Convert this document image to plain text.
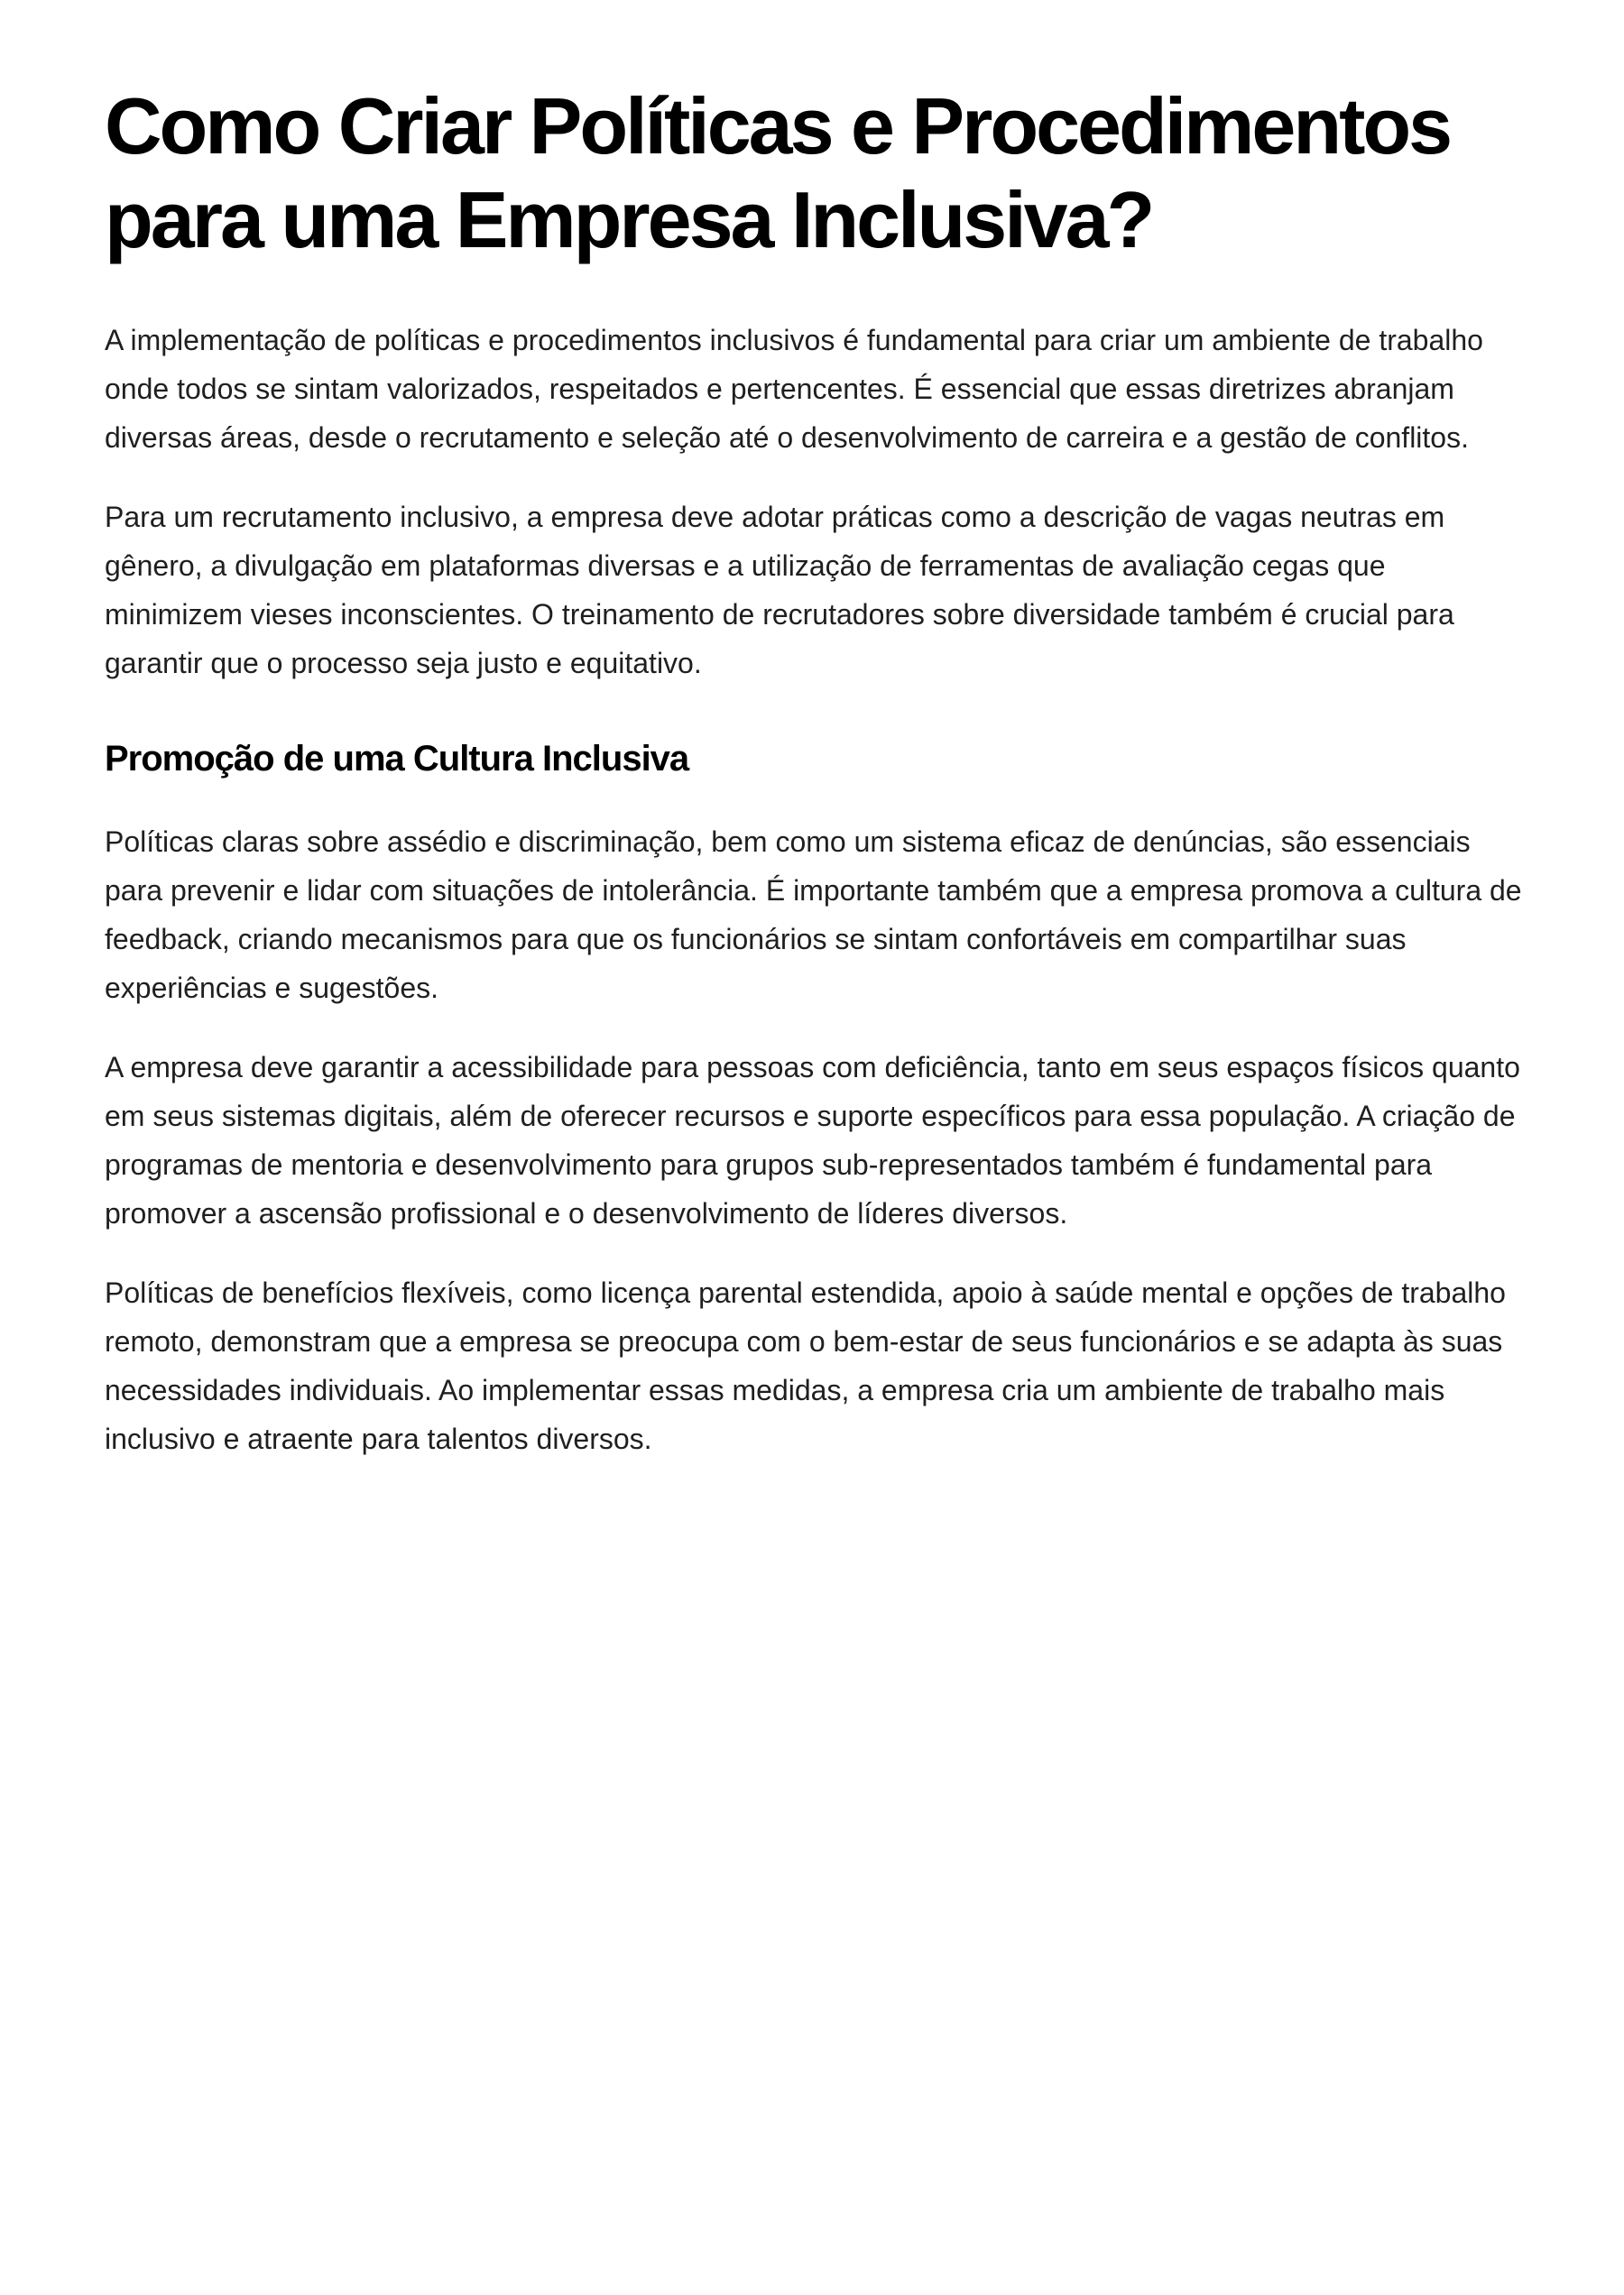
Como Criar Políticas e Procedimentos para uma Empresa Inclusiva?

A implementação de políticas e procedimentos inclusivos é fundamental para criar um ambiente de trabalho onde todos se sintam valorizados, respeitados e pertencentes. É essencial que essas diretrizes abranjam diversas áreas, desde o recrutamento e seleção até o desenvolvimento de carreira e a gestão de conflitos.

Para um recrutamento inclusivo, a empresa deve adotar práticas como a descrição de vagas neutras em gênero, a divulgação em plataformas diversas e a utilização de ferramentas de avaliação cegas que minimizem vieses inconscientes. O treinamento de recrutadores sobre diversidade também é crucial para garantir que o processo seja justo e equitativo.

Promoção de uma Cultura Inclusiva

Políticas claras sobre assédio e discriminação, bem como um sistema eficaz de denúncias, são essenciais para prevenir e lidar com situações de intolerância. É importante também que a empresa promova a cultura de feedback, criando mecanismos para que os funcionários se sintam confortáveis em compartilhar suas experiências e sugestões.

A empresa deve garantir a acessibilidade para pessoas com deficiência, tanto em seus espaços físicos quanto em seus sistemas digitais, além de oferecer recursos e suporte específicos para essa população. A criação de programas de mentoria e desenvolvimento para grupos sub-representados também é fundamental para promover a ascensão profissional e o desenvolvimento de líderes diversos.

Políticas de benefícios flexíveis, como licença parental estendida, apoio à saúde mental e opções de trabalho remoto, demonstram que a empresa se preocupa com o bem-estar de seus funcionários e se adapta às suas necessidades individuais. Ao implementar essas medidas, a empresa cria um ambiente de trabalho mais inclusivo e atraente para talentos diversos.
